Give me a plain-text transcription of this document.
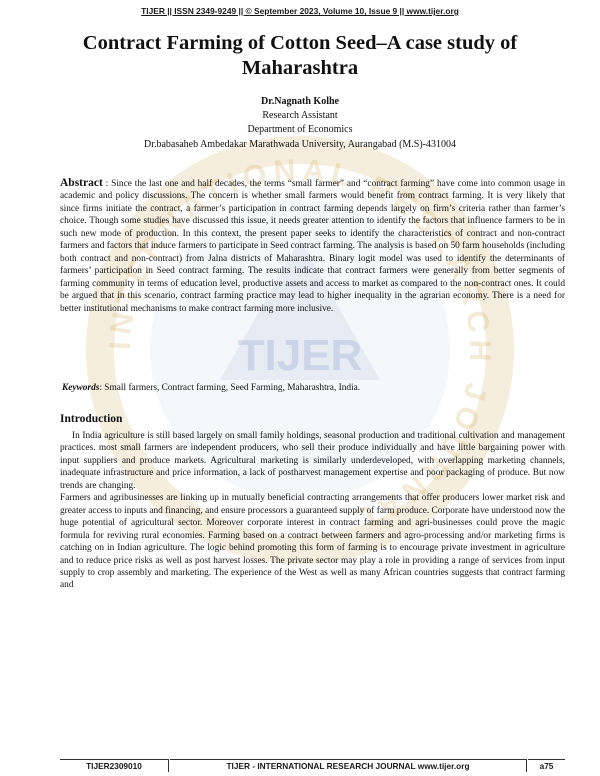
INTERNATIONAL RESEARCH JOURNAL
TIJER
TIJER || ISSN 2349-9249 || © September 2023, Volume 10, Issue 9 || www.tijer.org
Contract Farming of Cotton Seed–A case study of Maharashtra
Dr.Nagnath Kolhe
Research Assistant
Department of Economics
Dr.babasaheb Ambedakar Marathwada University, Aurangabad (M.S)-431004
Abstract : Since the last one and half decades, the terms “small farmer” and “contract farming” have come into common usage in academic and policy discussions. The concern is whether small farmers would benefit from contract farming. It is very likely that since firms initiate the contract, a farmer’s participation in contract farming depends largely on firm’s criteria rather than farmer’s choice. Though some studies have discussed this issue, it needs greater attention to identify the factors that influence farmers to be in such new mode of production. In this context, the present paper seeks to identify the characteristics of contract and non-contract farmers and factors that induce farmers to participate in Seed contract farming. The analysis is based on 50 farm households (including both contract and non-contract) from Jalna districts of Maharashtra. Binary logit model was used to identify the determinants of farmers’ participation in Seed contract farming. The results indicate that contract farmers were generally from better segments of farming community in terms of education level, productive assets and access to market as compared to the non-contract ones. It could be argued that in this scenario, contract farming practice may lead to higher inequality in the agrarian economy. There is a need for better institutional mechanisms to make contract farming more inclusive.
Keywords: Small farmers, Contract farming, Seed Farming, Maharashtra, India.
Introduction

In India agriculture is still based largely on small family holdings, seasonal production and traditional cultivation and management practices. most small farmers are independent producers, who sell their produce individually and have little bargaining power with input suppliers and produce markets. Agricultural marketing is similarly underdeveloped, with overlapping marketing channels, inadequate infrastructure and price information, a lack of postharvest management expertise and poor packaging of produce. But now trends are changing.

Farmers and agribusinesses are linking up in mutually beneficial contracting arrangements that offer producers lower market risk and greater access to inputs and financing, and ensure processors a guaranteed supply of farm produce. Corporate have understood now the huge potential of agricultural sector. Moreover corporate interest in contract farming and agri-businesses could prove the magic formula for reviving rural economies. Farming based on a contract between farmers and agro-processing and/or marketing firms is catching on in Indian agriculture. The logic behind promoting this form of farming is to encourage private investment in agriculture and to reduce price risks as well as post harvest losses. The private sector may play a role in providing a range of services from input supply to crop assembly and marketing. The experience of the West as well as many African countries suggests that contract farming and

TIJER2309010	TIJER - INTERNATIONAL RESEARCH JOURNAL www.tijer.org	a75
